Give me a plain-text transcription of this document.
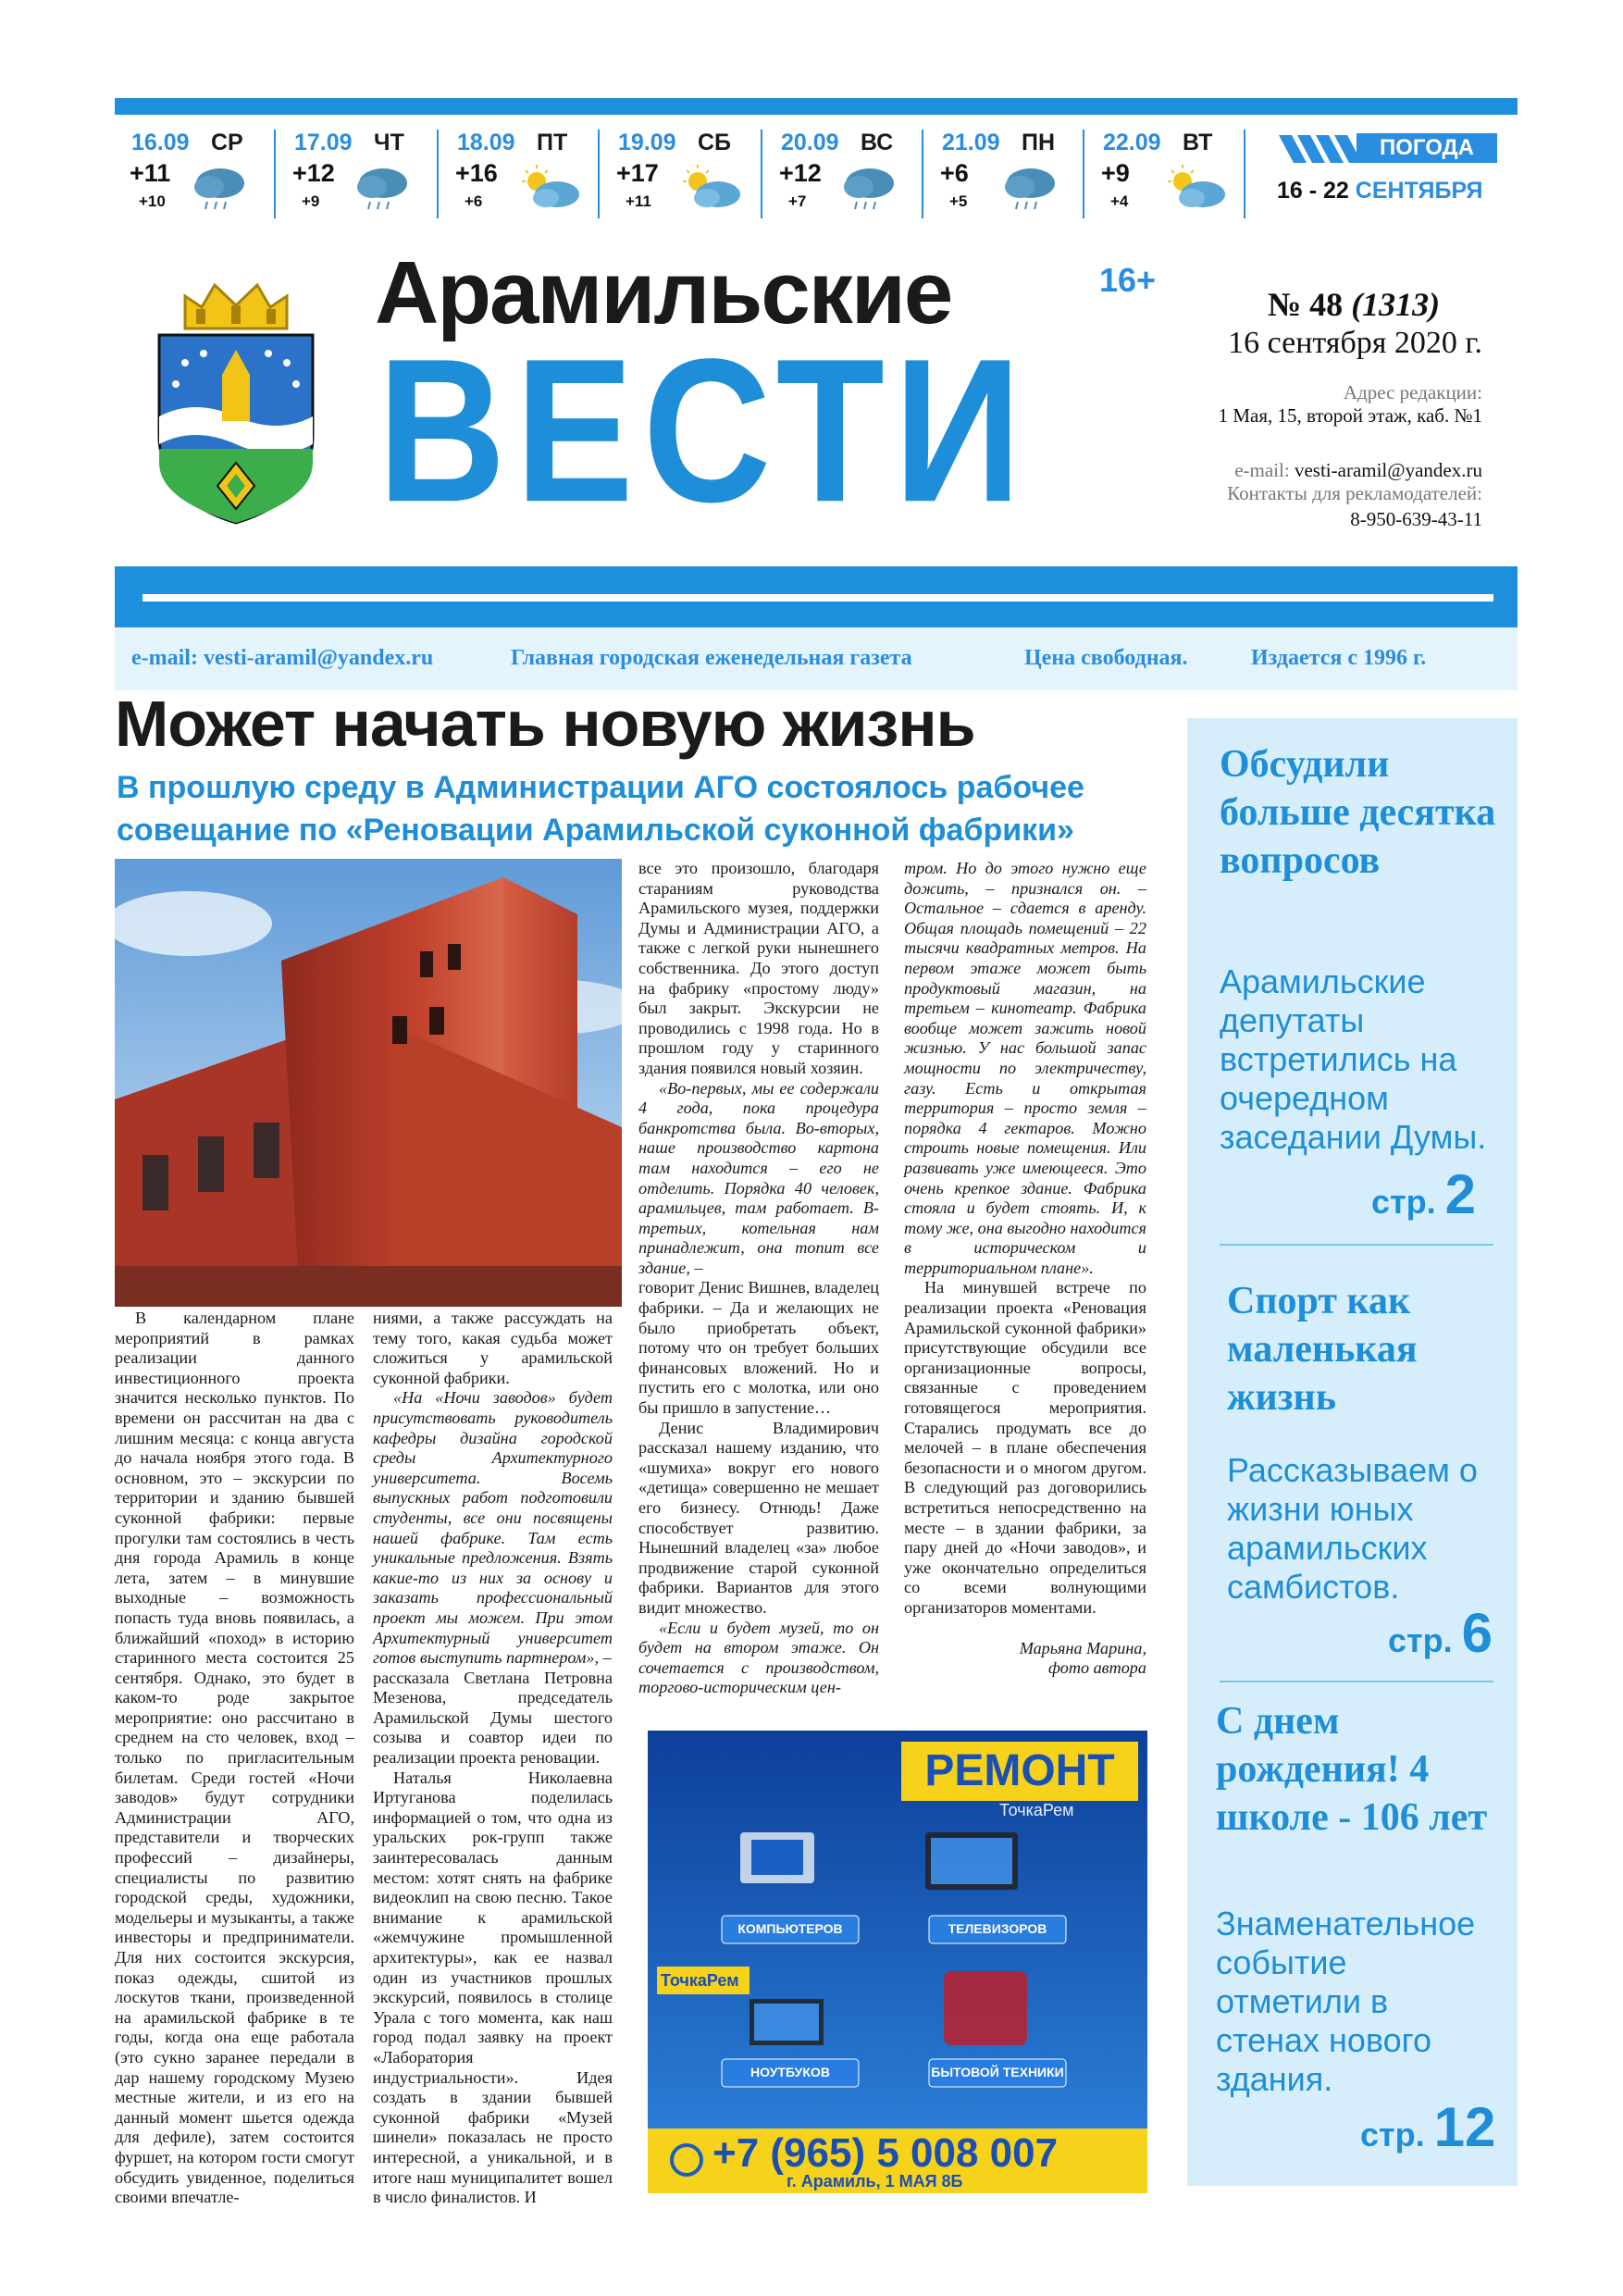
16.09 СР
+11
+10
17.09 ЧТ
+12
+9
18.09 ПТ
+16
+6
19.09 СБ
+17
+11
20.09 ВС
+12
+7
21.09 ПН
+6
+5
22.09 ВТ
+9
+4
ПОГОДА
16 - 22 СЕНТЯБРЯ
Арамильские
ВЕСТИ
16+
№ 48 (1313)
16 сентября 2020 г.
Адрес редакции:
1 Мая, 15, второй этаж, каб. №1
e-mail: vesti-aramil@yandex.ru
Контакты для рекламодателей:
8-950-639-43-11
e-mail: vesti-aramil@yandex.ru	Главная городская еженедельная газета	Цена свободная.	Издается с 1996 г.
Может начать новую жизнь
В прошлую среду в Администрации АГО состоялось рабочее совещание по «Реновации Арамильской суконной фабрики»

В календарном плане мероприятий в рамках реализации данного инвестиционного проекта значится несколько пунктов. По времени он рассчитан на два с лишним месяца: с конца августа до начала ноября этого года. В основном, это – экскурсии по территории и зданию бывшей суконной фабрики: первые прогулки там состоялись в честь дня города Арамиль в конце лета, затем – в минувшие выходные – возможность попасть туда вновь появилась, а ближайший «поход» в историю старинного места состоится 25 сентября. Однако, это будет в каком-то роде закрытое мероприятие: оно рассчитано в среднем на сто человек, вход – только по пригласительным билетам. Среди гостей «Ночи заводов» будут сотрудники Администрации АГО, представители и творческих профессий – дизайнеры, специалисты по развитию городской среды, художники, модельеры и музыканты, а также инвесторы и предприниматели. Для них состоится экскурсия, показ одежды, сшитой из лоскутов ткани, произведенной на арамильской фабрике в те годы, когда она еще работала (это сукно заранее передали в дар нашему городскому Музею местные жители, и из его на данный момент шьется одежда для дефиле), затем состоится фуршет, на котором гости смогут обсудить увиденное, поделиться своими впечатле-

ниями, а также рассуждать на тему того, какая судьба может сложиться у арамильской суконной фабрики.

«На «Ночи заводов» будет присутствовать руководитель кафедры дизайна городской среды Архитектурного университета. Восемь выпускных работ подготовили студенты, все они посвящены нашей фабрике. Там есть уникальные предложения. Взять какие-то из них за основу и заказать профессиональный проект мы можем. При этом Архитектурный университет готов выступить партнером», –

рассказала Светлана Петровна Мезенова, председатель Арамильской Думы шестого созыва и соавтор идеи по реализации проекта реновации.

Наталья Николаевна Иртуганова поделилась информацией о том, что одна из уральских рок-групп также заинтересовалась данным местом: хотят снять на фабрике видеоклип на свою песню. Такое внимание к арамильской «жемчужине промышленной архитектуры», как ее назвал один из участников прошлых экскурсий, появилось в столице Урала с того момента, как наш город подал заявку на проект «Лаборатория индустриальности». Идея создать в здании бывшей суконной фабрики «Музей шинели» показалась не просто интересной, а уникальной, и в итоге наш муниципалитет вошел в число финалистов. И

все это произошло, благодаря стараниям руководства Арамильского музея, поддержки Думы и Администрации АГО, а также с легкой руки нынешнего собственника. До этого доступ на фабрику «простому люду» был закрыт. Экскурсии не проводились с 1998 года. Но в прошлом году у старинного здания появился новый хозяин.

«Во-первых, мы ее содержали 4 года, пока процедура банкротства была. Во-вторых, наше производство картона там находится – его не отделить. Порядка 40 человек, арамильцев, там работает. В-третьих, котельная нам принадлежит, она топит все здание, –

говорит Денис Вишнев, владелец фабрики. – Да и желающих не было приобретать объект, потому что он требует больших финансовых вложений. Но и пустить его с молотка, или оно бы пришло в запустение…

Денис Владимирович рассказал нашему изданию, что «шумиха» вокруг его нового «детища» совершенно не мешает его бизнесу. Отнюдь! Даже способствует развитию. Нынешний владелец «за» любое продвижение старой суконной фабрики. Вариантов для этого видит множество.

«Если и будет музей, то он будет на втором этаже. Он сочетается с производством, торгово-историческим цен-

тром. Но до этого нужно еще дожить, – признался он. – Остальное – сдается в аренду. Общая площадь помещений – 22 тысячи квадратных метров. На первом этаже может быть продуктовый магазин, на третьем – кинотеатр. Фабрика вообще может зажить новой жизнью. У нас большой запас мощности по электричеству, газу. Есть и открытая территория – просто земля – порядка 4 гектаров. Можно строить новые помещения. Или развивать уже имеющееся. Это очень крепкое здание. Фабрика стояла и будет стоять. И, к тому же, она выгодно находится в историческом и территориальном плане».

На минувшей встрече по реализации проекта «Реновация Арамильской суконной фабрики» присутствующие обсудили все организационные вопросы, связанные с проведением готовящегося мероприятия. Старались продумать все до мелочей – в плане обеспечения безопасности и о многом другом. В следующий раз договорились встретиться непосредственно на месте – в здании фабрики, за пару дней до «Ночи заводов», и уже окончательно определиться со всеми волнующими организаторов моментами.

Марьяна Марина,

фото автора

РЕМОНТ
ТочкаРем
КОМПЬЮТЕРОВ	ТЕЛЕВИЗОРОВ
НОУТБУКОВ	БЫТОВОЙ ТЕХНИКИ
ТочкаРем
+7 (965) 5 008 007
г. Арамиль, 1 МАЯ 8Б
Обсудили больше десятка вопросов
Арамильские депутаты встретились на очередном заседании Думы.
стр. 2
Спорт как маленькая жизнь
Рассказываем о жизни юных арамильских самбистов.
стр. 6
С днем рождения! 4 школе - 106 лет
Знаменательное событие отметили в стенах нового здания.
стр. 12
